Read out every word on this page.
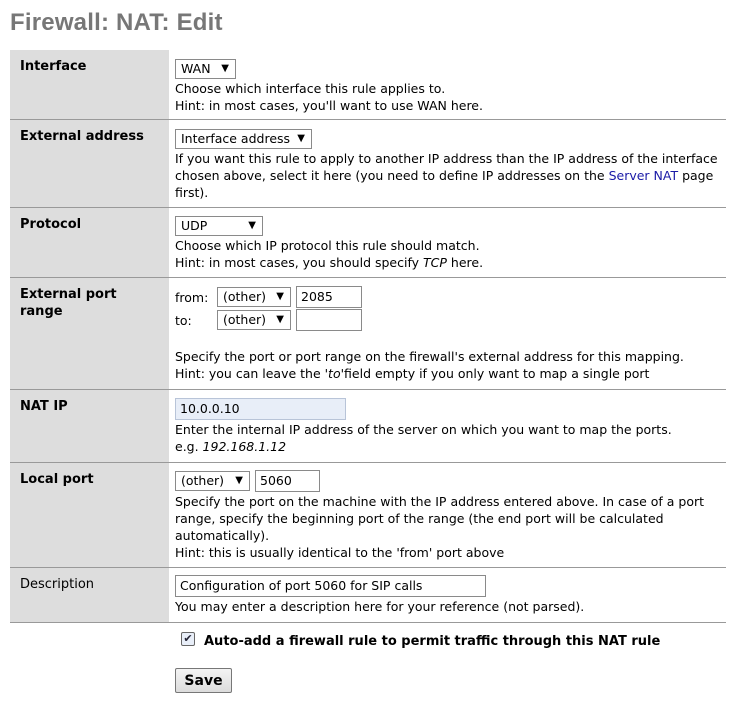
Firewall: NAT: Edit
Interface	WAN ▼
Choose which interface this rule applies to.
Hint: in most cases, you'll want to use WAN here.
External address	Interface address ▼
If you want this rule to apply to another IP address than the IP address of the interface
chosen above, select it here (you need to define IP addresses on the Server NAT page
first).
Protocol	UDP	▼
Choose which IP protocol this rule should match.
Hint: in most cases, you should specify TCP here.
External port
range
from:	(other) ▼	2085
to:	(other) ▼
Specify the port or port range on the firewall's external address for this mapping.
Hint: you can leave the 'to'field empty if you only want to map a single port
NAT IP	10.0.0.10
Enter the internal IP address of the server on which you want to map the ports.
e.g. 192.168.1.12
Local port	(other) ▼	5060
Specify the port on the machine with the IP address entered above. In case of a port
range, specify the beginning port of the range (the end port will be calculated
automatically).
Hint: this is usually identical to the 'from' port above
Description	Configuration of port 5060 for SIP calls
You may enter a description here for your reference (not parsed).
✔ Auto-add a firewall rule to permit traffic through this NAT rule
Save
